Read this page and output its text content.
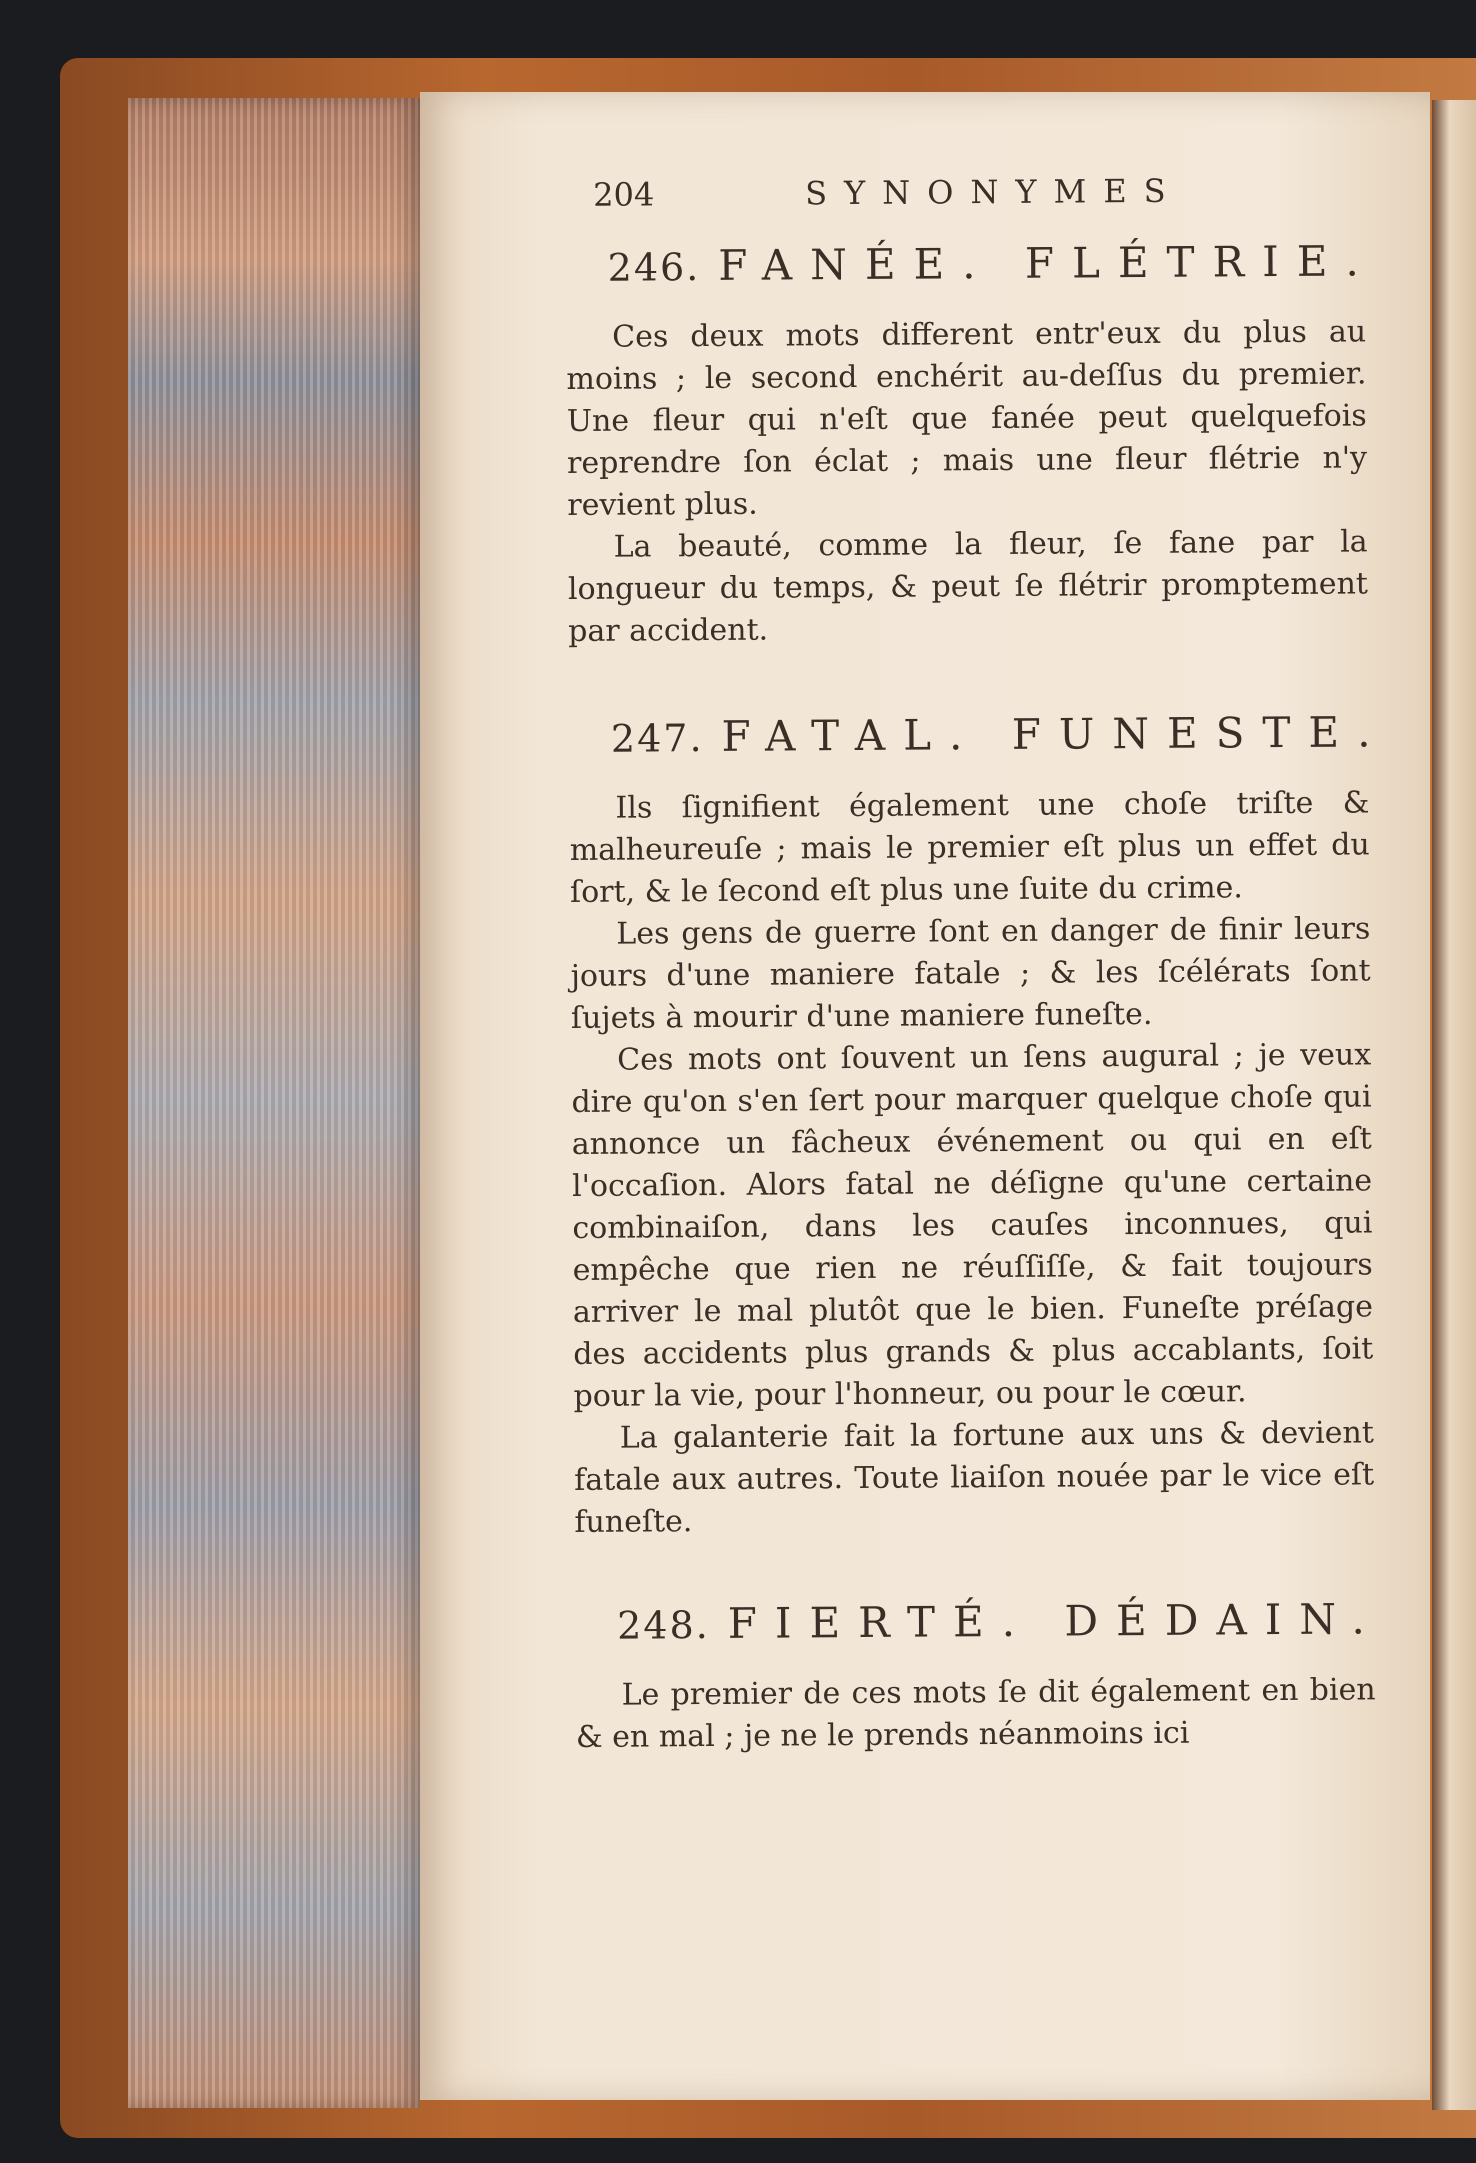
204	SYNONYMES
246. FANÉE. FLÉTRIE.

Ces deux mots different entr'eux du plus au moins ; le second enchérit au-deſſus du premier. Une fleur qui n'eſt que fanée peut quelquefois reprendre ſon éclat ; mais une fleur flétrie n'y revient plus.

La beauté, comme la fleur, ſe fane par la longueur du temps, & peut ſe flétrir promptement par accident.

247. FATAL. FUNESTE.

Ils ſignifient également une choſe triſte & malheureuſe ; mais le premier eſt plus un effet du ſort, & le ſecond eſt plus une ſuite du crime.

Les gens de guerre ſont en danger de finir leurs jours d'une maniere fatale ; & les ſcélérats ſont ſujets à mourir d'une maniere funeſte.

Ces mots ont ſouvent un ſens augural ; je veux dire qu'on s'en ſert pour marquer quelque choſe qui annonce un fâcheux événement ou qui en eſt l'occaſion. Alors fatal ne déſigne qu'une certaine combinaiſon, dans les cauſes inconnues, qui empêche que rien ne réuſſiſſe, & fait toujours arriver le mal plutôt que le bien. Funeſte préſage des accidents plus grands & plus accablants, ſoit pour la vie, pour l'honneur, ou pour le cœur.

La galanterie fait la fortune aux uns & devient fatale aux autres. Toute liaiſon nouée par le vice eſt funeſte.

248. FIERTÉ. DÉDAIN.

Le premier de ces mots ſe dit également en bien & en mal ; je ne le prends néanmoins ici
